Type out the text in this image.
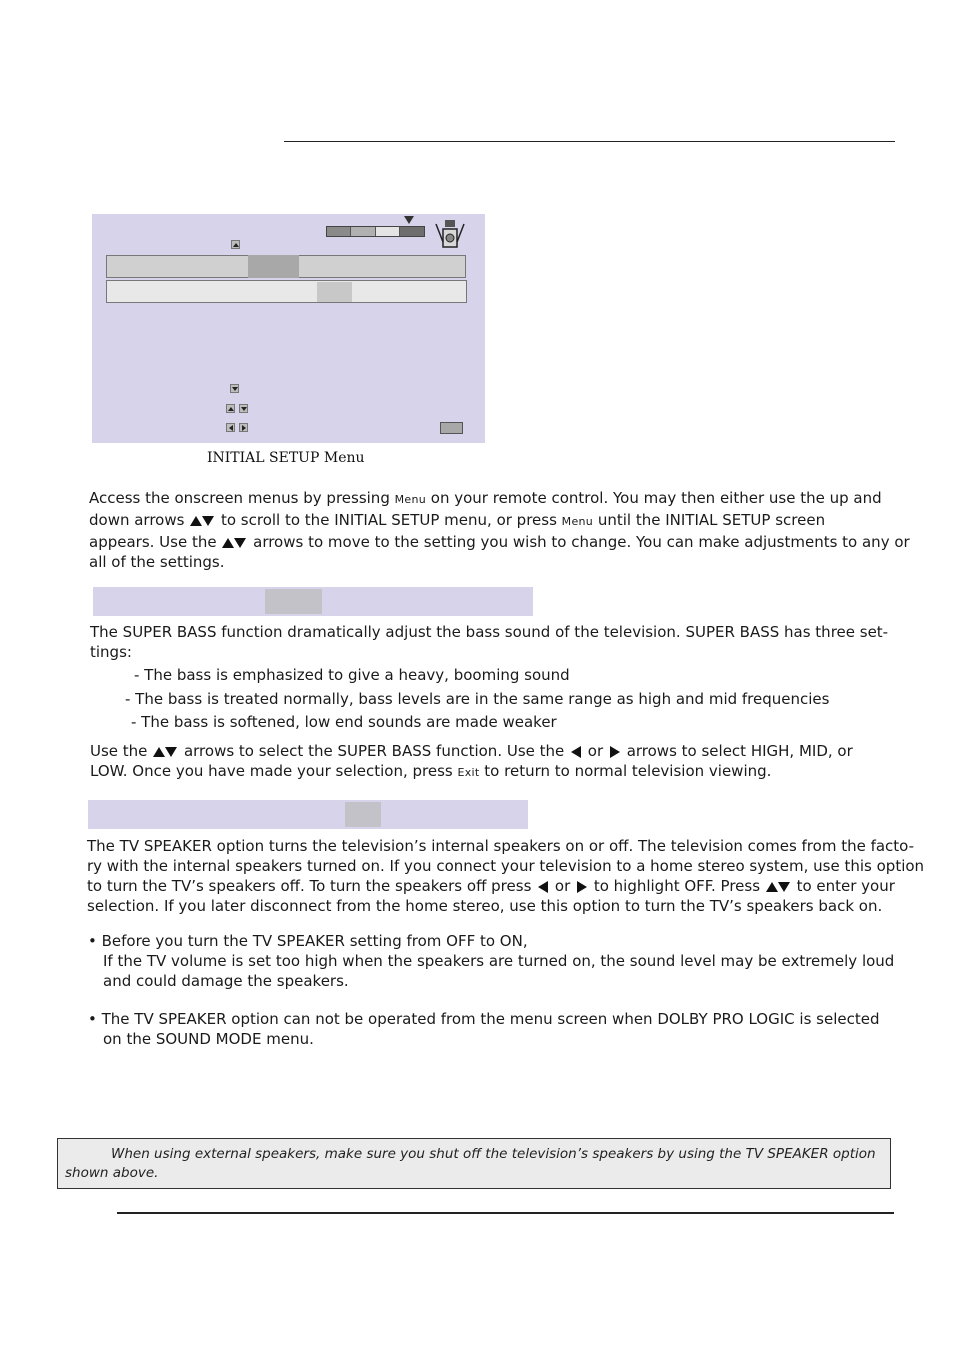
INITIAL SETUP Menu
Access the onscreen menus by pressing Menu on your remote control. You may then either use the up and
down arrows  to scroll to the INITIAL SETUP menu, or press Menu until the INITIAL SETUP screen
appears. Use the  arrows to move to the setting you wish to change. You can make adjustments to any or
all of the settings.
The SUPER BASS function dramatically adjust the bass sound of the television. SUPER BASS has three set-
tings:
- The bass is emphasized to give a heavy, booming sound
- The bass is treated normally, bass levels are in the same range as high and mid frequencies
- The bass is softened, low end sounds are made weaker
Use the  arrows to select the SUPER BASS function. Use the  or  arrows to select HIGH, MID, or
LOW. Once you have made your selection, press Exit to return to normal television viewing.
The TV SPEAKER option turns the television’s internal speakers on or off. The television comes from the facto-
ry with the internal speakers turned on. If you connect your television to a home stereo system, use this option
to turn the TV’s speakers off. To turn the speakers off press  or  to highlight OFF. Press  to enter your
selection. If you later disconnect from the home stereo, use this option to turn the TV’s speakers back on.
• Before you turn the TV SPEAKER setting from OFF to ON,
If the TV volume is set too high when the speakers are turned on, the sound level may be extremely loud
and could damage the speakers.
• The TV SPEAKER option can not be operated from the menu screen when DOLBY PRO LOGIC is selected
on the SOUND MODE menu.
When using external speakers, make sure you shut off the television’s speakers by using the TV SPEAKER option
shown above.
